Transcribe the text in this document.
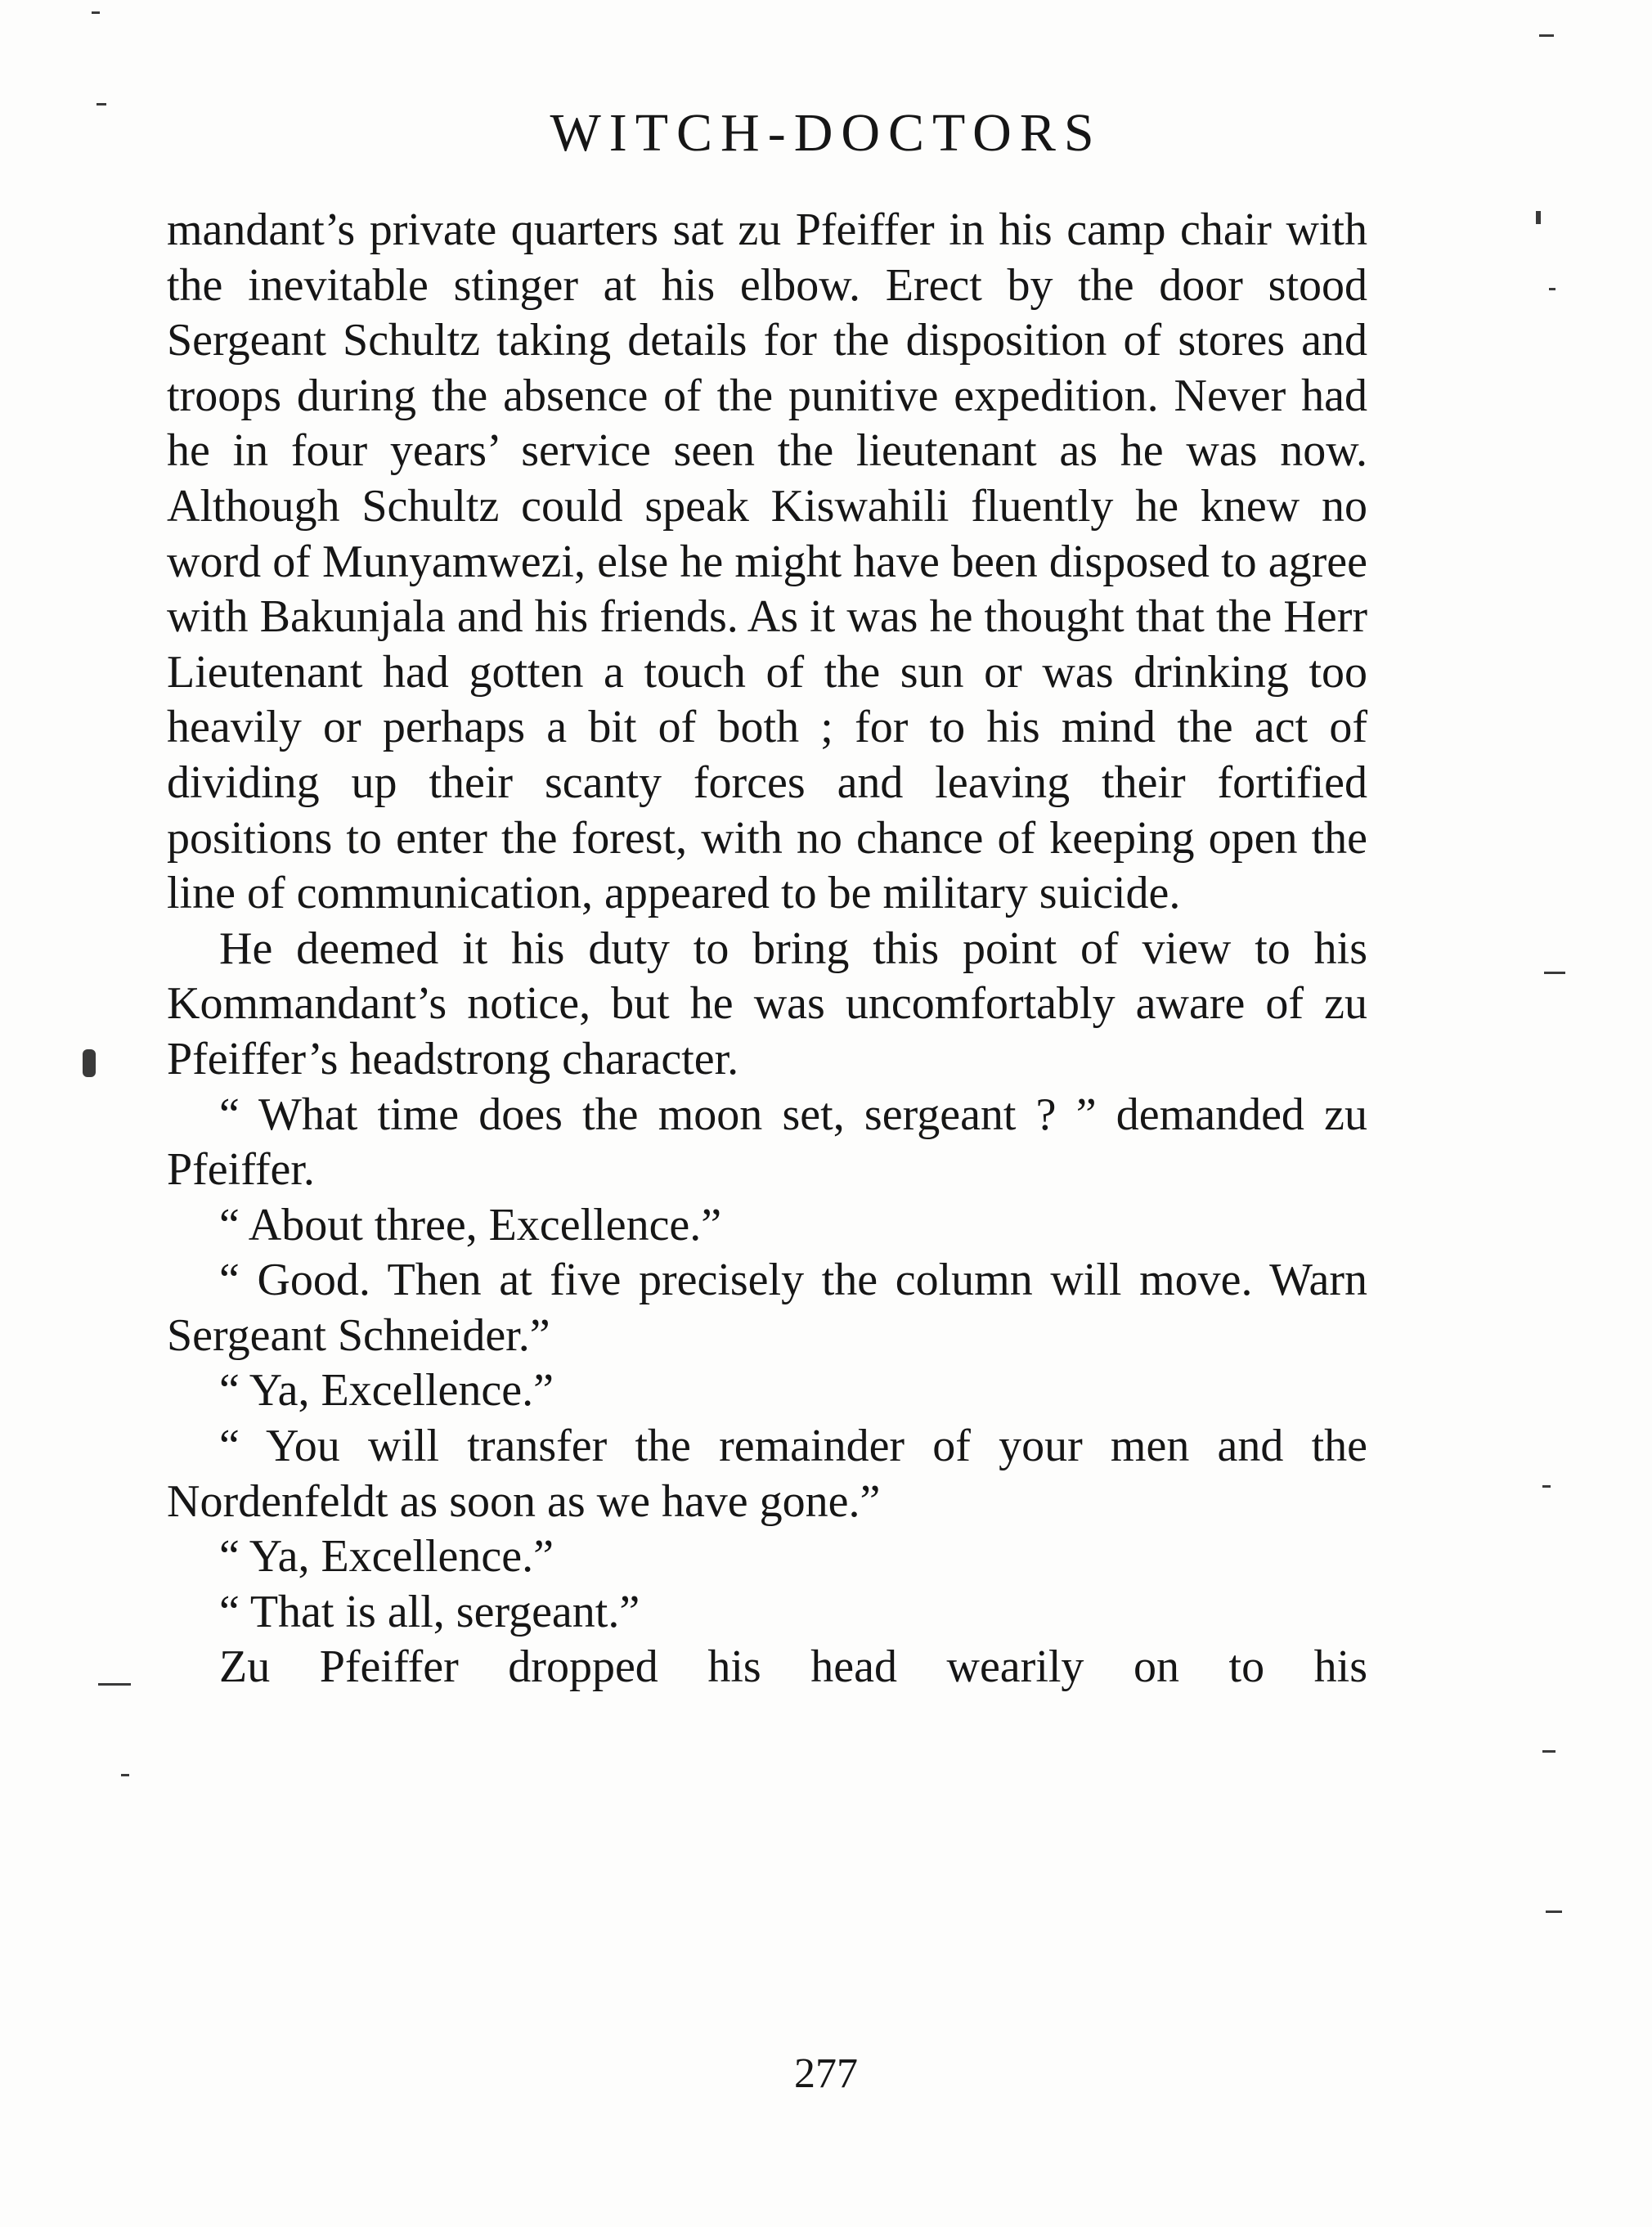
WITCH-DOCTORS

mandant’s private quarters sat zu Pfeiffer in his camp chair with the inevitable stinger at his elbow. Erect by the door stood Sergeant Schultz taking details for the disposition of stores and troops during the absence of the punitive expedition. Never had he in four years’ service seen the lieutenant as he was now. Although Schultz could speak Kiswahili fluently he knew no word of Munyamwezi, else he might have been disposed to agree with Bakunjala and his friends. As it was he thought that the Herr Lieutenant had gotten a touch of the sun or was drinking too heavily or perhaps a bit of both ; for to his mind the act of dividing up their scanty forces and leaving their fortified positions to enter the forest, with no chance of keeping open the line of communication, appeared to be military suicide.

He deemed it his duty to bring this point of view to his Kommandant’s notice, but he was uncomfortably aware of zu Pfeiffer’s headstrong character.

“ What time does the moon set, sergeant ? ” demanded zu Pfeiffer.

“ About three, Excellence.”

“ Good. Then at five precisely the column will move. Warn Sergeant Schneider.”

“ Ya, Excellence.”

“ You will transfer the remainder of your men and the Nordenfeldt as soon as we have gone.”

“ Ya, Excellence.”

“ That is all, sergeant.”

Zu Pfeiffer dropped his head wearily on to his

277
